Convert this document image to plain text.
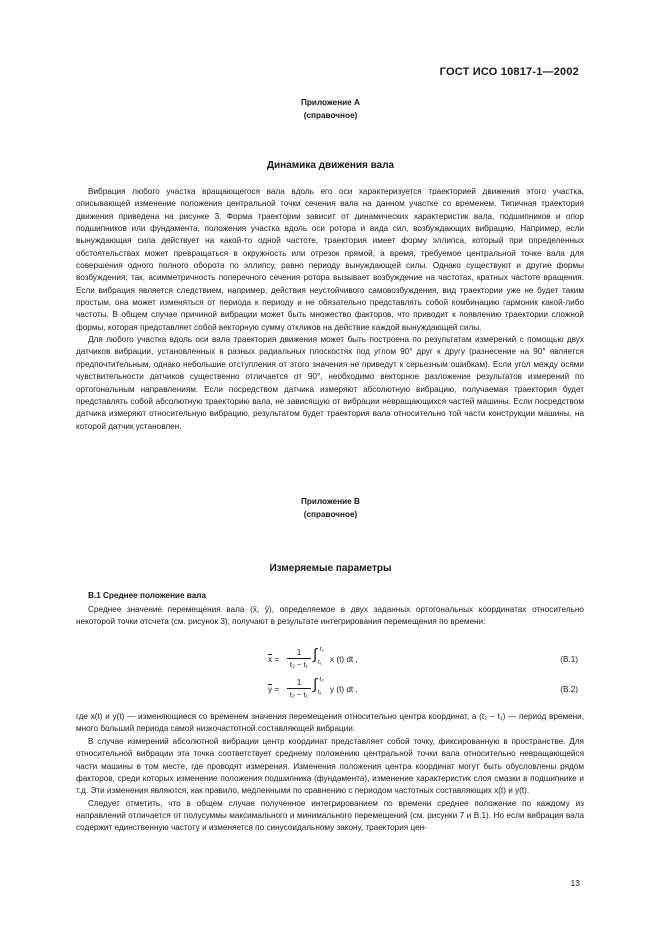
ГОСТ ИСО 10817-1—2002
Приложение А
(справочное)
Динамика движения вала

Вибрация любого участка вращающегося вала вдоль его оси характеризуется траекторией движения этого участка, описывающей изменение положения центральной точки сечения вала на данном участке со временем. Типичная траектория движения приведена на рисунке 3. Форма траектории зависит от динамических характеристик вала, подшипников и опор подшипников или фундамента, положения участка вдоль оси ротора и вида сил, возбуждающих вибрацию. Например, если вынуждающая сила действует на какой-то одной частоте, траектория имеет форму эллипса, который при определенных обстоятельствах может превращаться в окружность или отрезок прямой, а время, требуемое центральной точке вала для совершения одного полного оборота по эллипсу, равно периоду вынуждающей силы. Однако существуют и другие формы возбуждения; так, асимметричность поперечного сечения ротора вызывает возбуждение на частотах, кратных частоте вращения. Если вибрация является следствием, например, действия неустойчивого самовозбуждения, вид траектории уже не будет таким простым, она может изменяться от периода к периоду и не обязательно представлять собой комбинацию гармоник какой-либо частоты. В общем случае причиной вибрации может быть множество факторов, что приводит к появлению траектории сложной формы, которая представляет собой векторную сумму откликов на действие каждой вынуждающей силы.

Для любого участка вдоль оси вала траектория движения может быть построена по результатам измерений с помощью двух датчиков вибрации, установленных в разных радиальных плоскостях под углом 90° друг к другу (разнесение на 90° является предпочтительным, однако небольшие отступления от этого значения не приведут к серьезным ошибкам). Если угол между осями чувствительности датчиков существенно отличается от 90°, необходимо векторное разложение результатов измерений по ортогональным направлениям. Если посредством датчика измеряют абсолютную вибрацию, получаемая траектория будет представлять собой абсолютную траекторию вала, не зависящую от вибрации невращающихся частей машины. Если посредством датчика измеряют относительную вибрацию, результатом будет траектория вала относительно той части конструкции машины, на которой датчик установлен.

Приложение В
(справочное)
Измеряемые параметры
В.1 Среднее положение вала

Среднее значение перемещения вала (x̄, ȳ), определяемое в двух заданных ортогональных координатах относительно некоторой точки отсчета (см. рисунок 3), получают в результате интегрирования перемещения по времени:

$\overline{x} = \frac{1}{\text{t₂ − t₁}}$ ∫ t₂
t₁ x (t) dt ,	(В.1)
$\overline{y} = \frac{1}{\text{t₂ − t₁}}$ ∫ t₂
t₁ y (t) dt ,	(В.2)
где x(t) и y(t) — изменяющиеся со временем значения перемещения относительно центра координат, а (t₂ − t₁) — период времени, много больший периода самой низкочастотной составляющей вибрации.

В случае измерений абсолютной вибрации центр координат представляет собой точку, фиксированную в пространстве. Для относительной вибрации эта точка соответствует среднему положению центральной точки вала относительно невращающейся части машины в том месте, где проводят измерения. Изменения положения центра координат могут быть обусловлены рядом факторов, среди которых изменение положения подшипника (фундамента), изменение характеристик слоя смазки в подшипнике и т.д. Эти изменения являются, как правило, медленными по сравнению с периодом частотных составляющих x(t) и y(t).

Следует отметить, что в общем случае полученное интегрированием по времени среднее положение по каждому из направлений отличается от полусуммы максимального и минимального перемещений (см. рисунки 7 и В.1). Но если вибрация вала содержит единственную частоту и изменяется по синусоидальному закону, траектория цен-

13
